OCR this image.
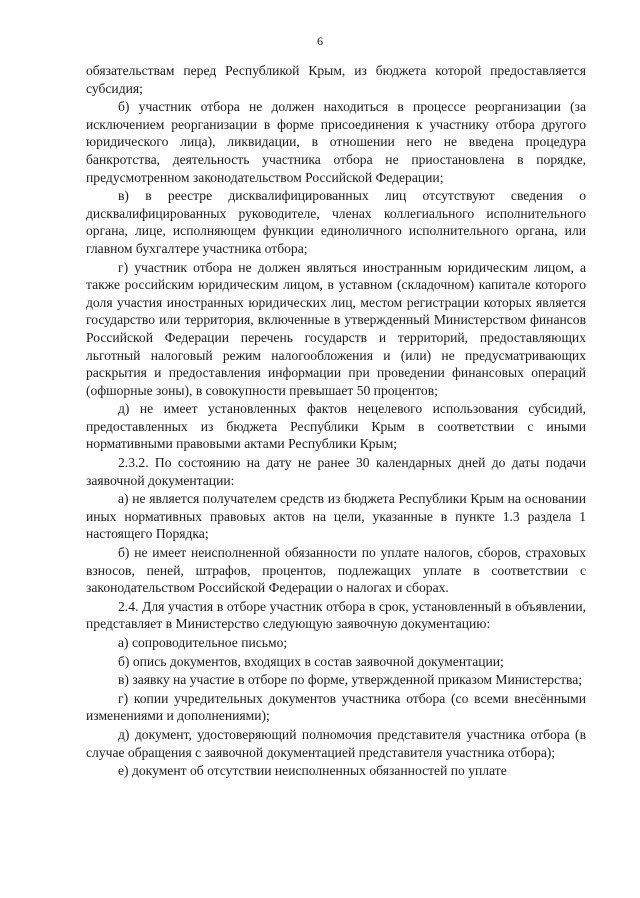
6

обязательствам перед Республикой Крым, из бюджета которой предоставляется субсидия;

б) участник отбора не должен находиться в процессе реорганизации (за исключением реорганизации в форме присоединения к участнику отбора другого юридического лица), ликвидации, в отношении него не введена процедура банкротства, деятельность участника отбора не приостановлена в порядке, предусмотренном законодательством Российской Федерации;

в) в реестре дисквалифицированных лиц отсутствуют сведения о дисквалифицированных руководителе, членах коллегиального исполнительного органа, лице, исполняющем функции единоличного исполнительного органа, или главном бухгалтере участника отбора;

г) участник отбора не должен являться иностранным юридическим лицом, а также российским юридическим лицом, в уставном (складочном) капитале которого доля участия иностранных юридических лиц, местом регистрации которых является государство или территория, включенные в утвержденный Министерством финансов Российской Федерации перечень государств и территорий, предоставляющих льготный налоговый режим налогообложения и (или) не предусматривающих раскрытия и предоставления информации при проведении финансовых операций (офшорные зоны), в совокупности превышает 50 процентов;

д) не имеет установленных фактов нецелевого использования субсидий, предоставленных из бюджета Республики Крым в соответствии с иными нормативными правовыми актами Республики Крым;

2.3.2. По состоянию на дату не ранее 30 календарных дней до даты подачи заявочной документации:

а) не является получателем средств из бюджета Республики Крым на основании иных нормативных правовых актов на цели, указанные в пункте 1.3 раздела 1 настоящего Порядка;

б) не имеет неисполненной обязанности по уплате налогов, сборов, страховых взносов, пеней, штрафов, процентов, подлежащих уплате в соответствии с законодательством Российской Федерации о налогах и сборах.

2.4. Для участия в отборе участник отбора в срок, установленный в объявлении, представляет в Министерство следующую заявочную документацию:

а) сопроводительное письмо;

б) опись документов, входящих в состав заявочной документации;

в) заявку на участие в отборе по форме, утвержденной приказом Министерства;

г) копии учредительных документов участника отбора (со всеми внесёнными изменениями и дополнениями);

д) документ, удостоверяющий полномочия представителя участника отбора (в случае обращения с заявочной документацией представителя участника отбора);

е) документ об отсутствии неисполненных обязанностей по уплате
